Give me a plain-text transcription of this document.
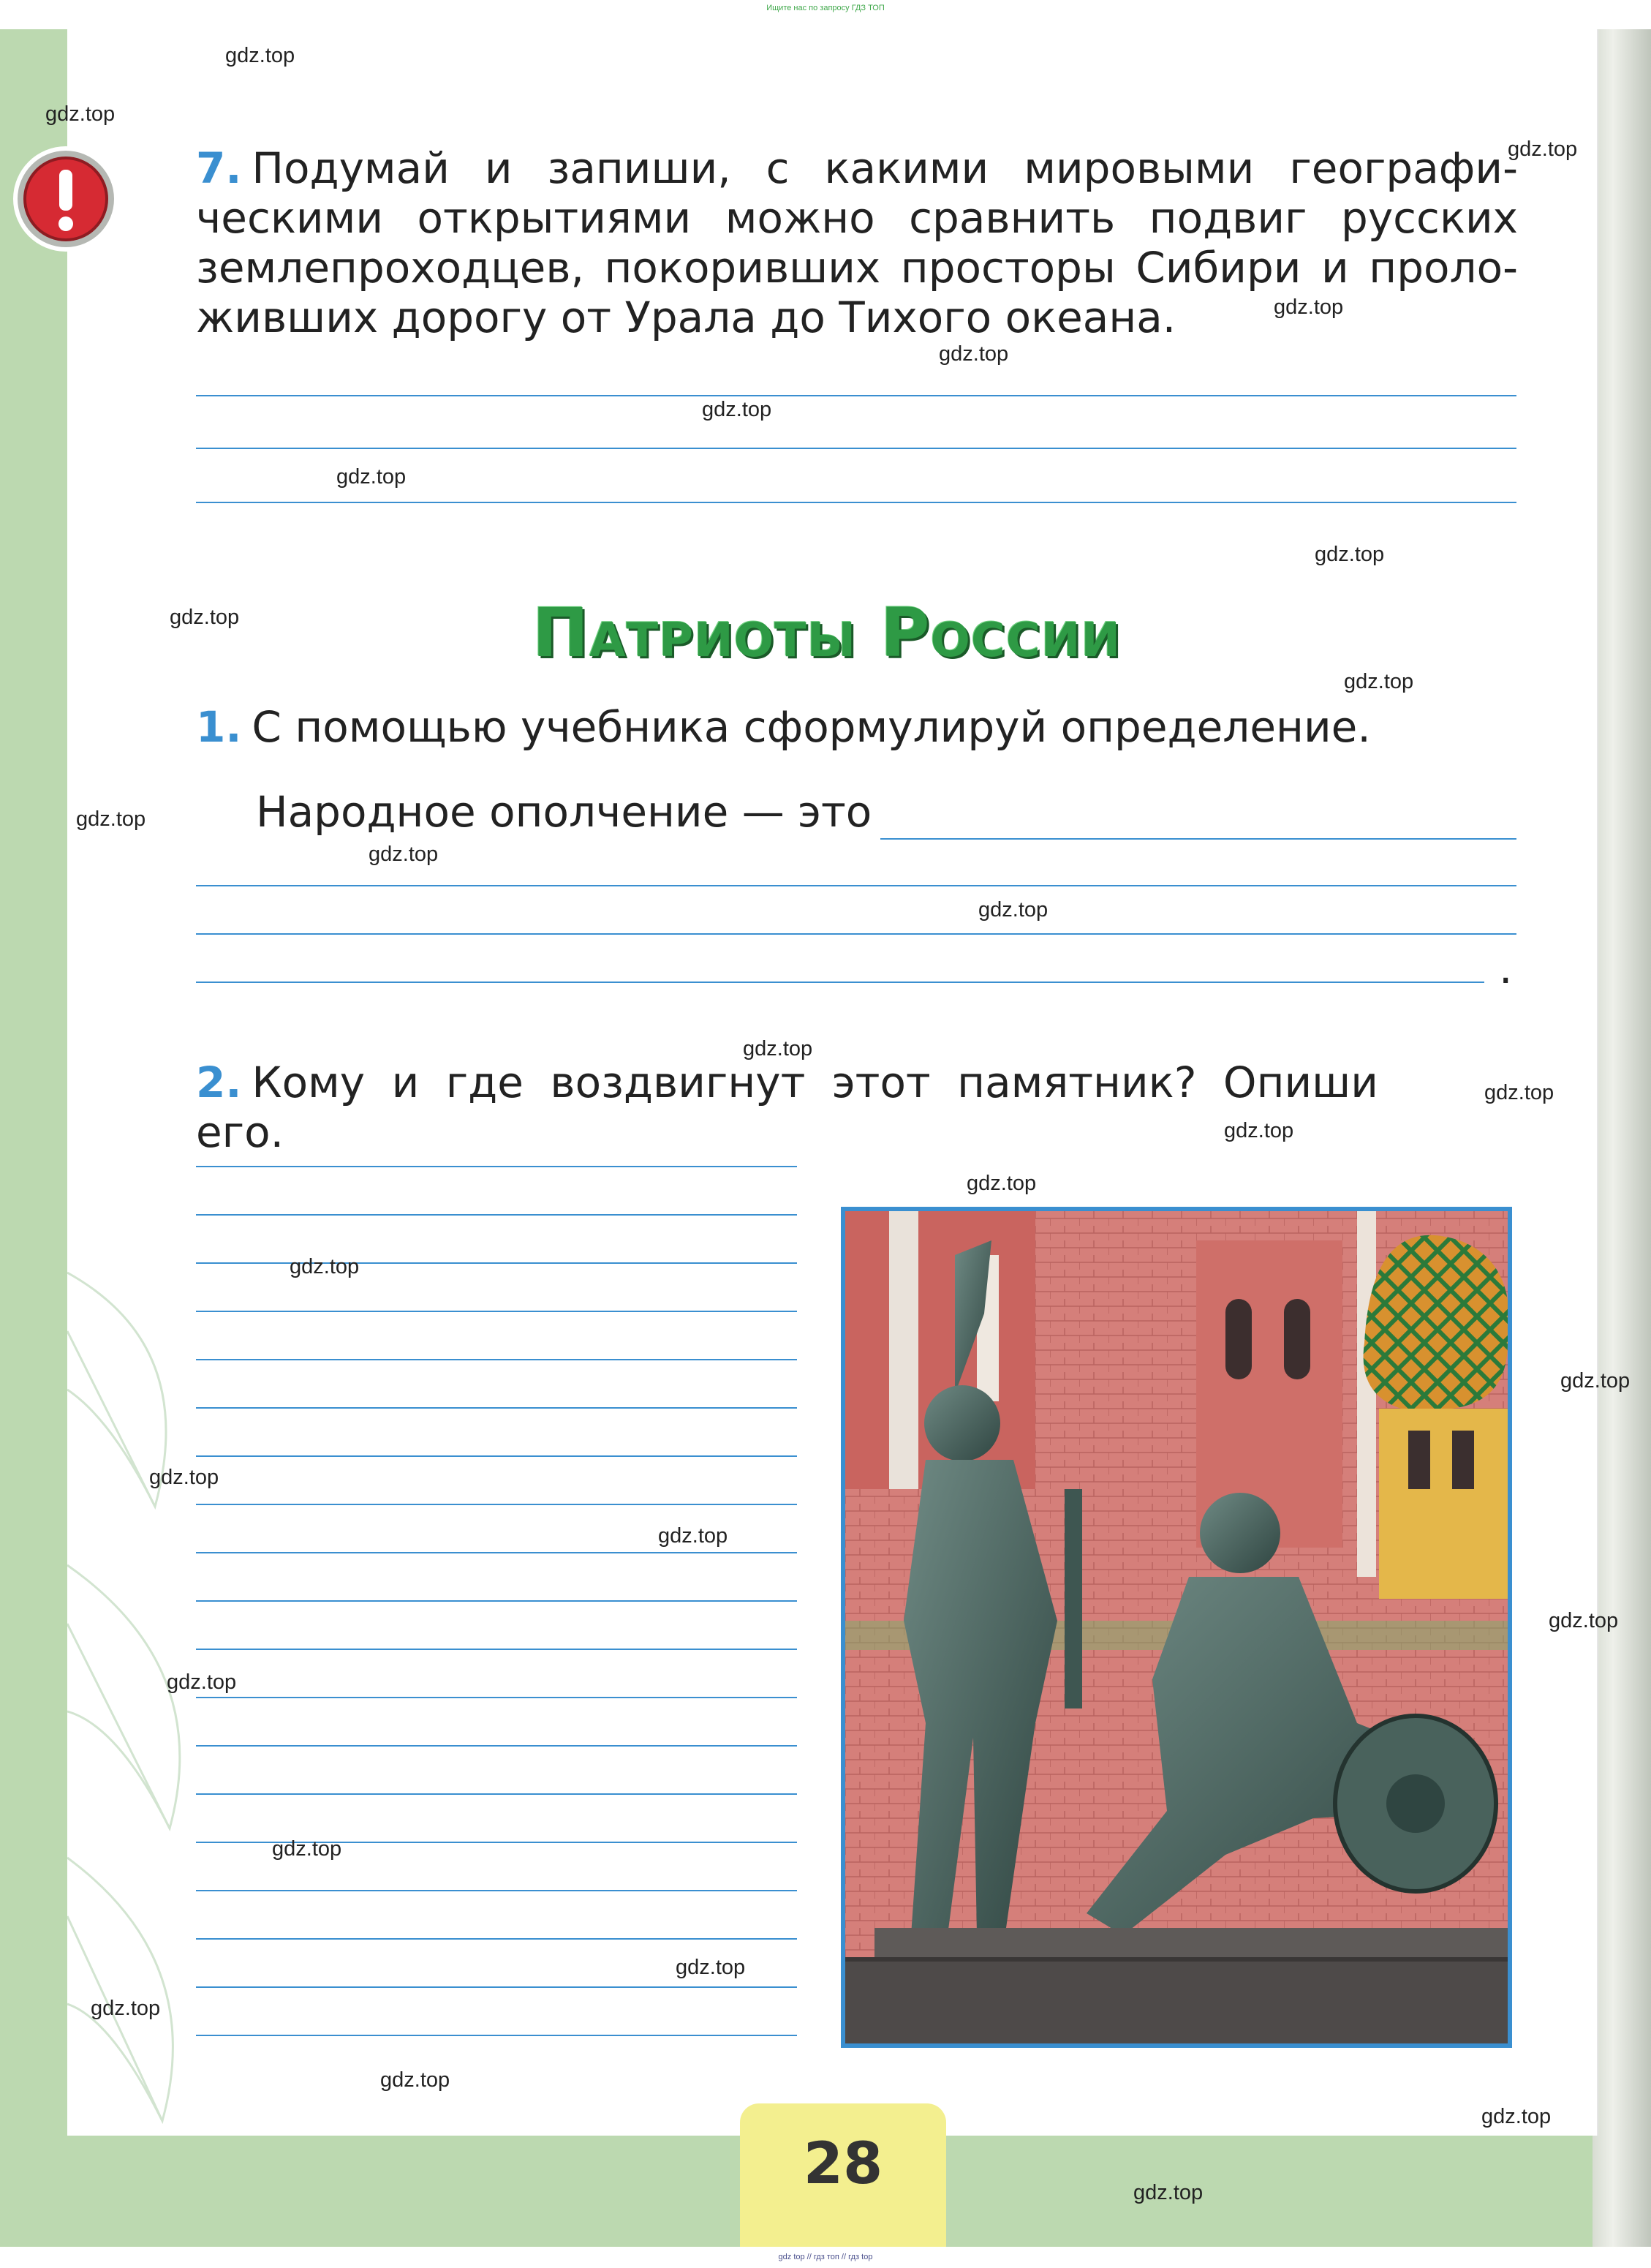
Ищите нас по запросу ГДЗ ТОП
7. Подумай и запиши, с какими мировыми географи-
ческими открытиями можно сравнить подвиг русских
землепроходцев, покоривших просторы Сибири и проло-
живших дорогу от Урала до Тихого океана.
Патриоты России
1. С помощью учебника сформулируй определение.
Народное ополчение — это
.
2. Кому и где воздвигнут этот памятник? Опиши его.
28
gdz.top
gdz.top
gdz.top
gdz.top
gdz.top
gdz.top
gdz.top
gdz.top
gdz.top
gdz.top
gdz.top
gdz.top
gdz.top
gdz.top
gdz.top
gdz.top
gdz.top
gdz.top
gdz.top
gdz.top
gdz.top
gdz.top
gdz.top
gdz.top
gdz.top
gdz.top
gdz.top
gdz.top
gdz.top
gdz top // гдз топ // гдз top
